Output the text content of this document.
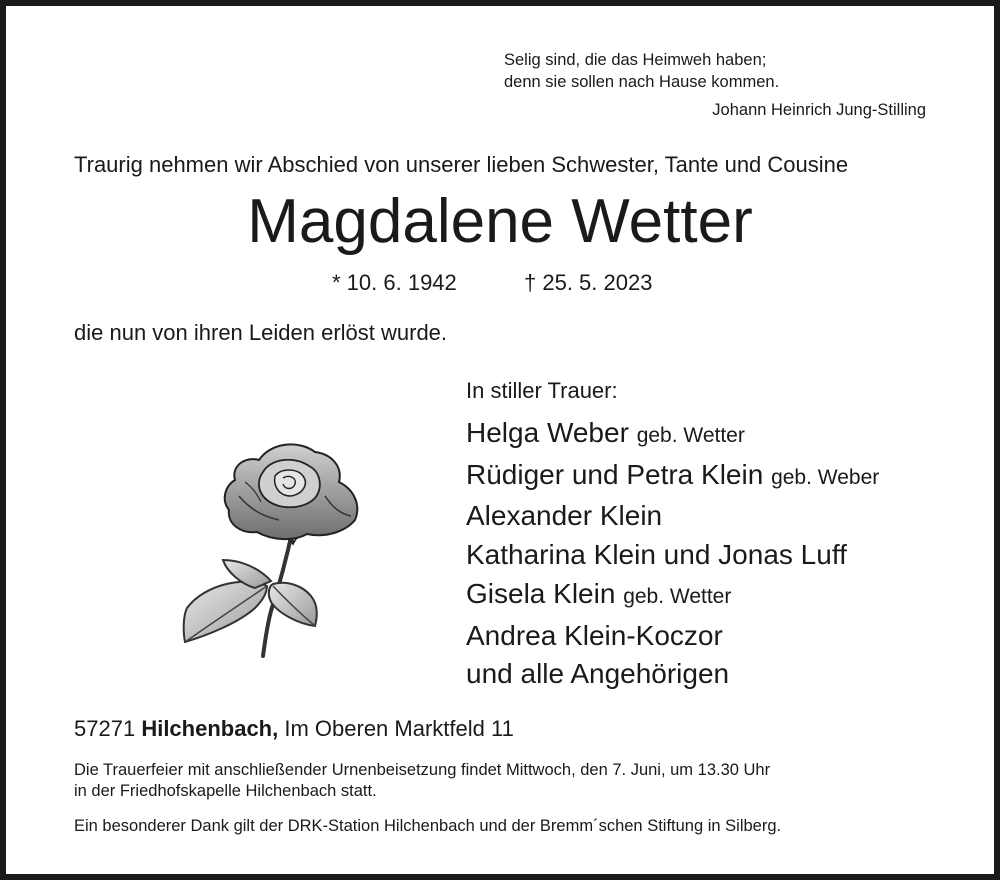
Selig sind, die das Heimweh haben;
denn sie sollen nach Hause kommen.
Johann Heinrich Jung-Stilling
Traurig nehmen wir Abschied von unserer lieben Schwester, Tante und Cousine
Magdalene Wetter
* 10. 6. 1942	† 25. 5. 2023
die nun von ihren Leiden erlöst wurde.
In stiller Trauer:
Helga Weber geb. Wetter
Rüdiger und Petra Klein geb. Weber
Alexander Klein
Katharina Klein und Jonas Luff
Gisela Klein geb. Wetter
Andrea Klein-Koczor
und alle Angehörigen
57271 Hilchenbach, Im Oberen Marktfeld 11

Die Trauerfeier mit anschließender Urnenbeisetzung findet Mittwoch, den 7. Juni, um 13.30 Uhr

in der Friedhofskapelle Hilchenbach statt.

Ein besonderer Dank gilt der DRK-Station Hilchenbach und der Bremm´schen Stiftung in Silberg.
